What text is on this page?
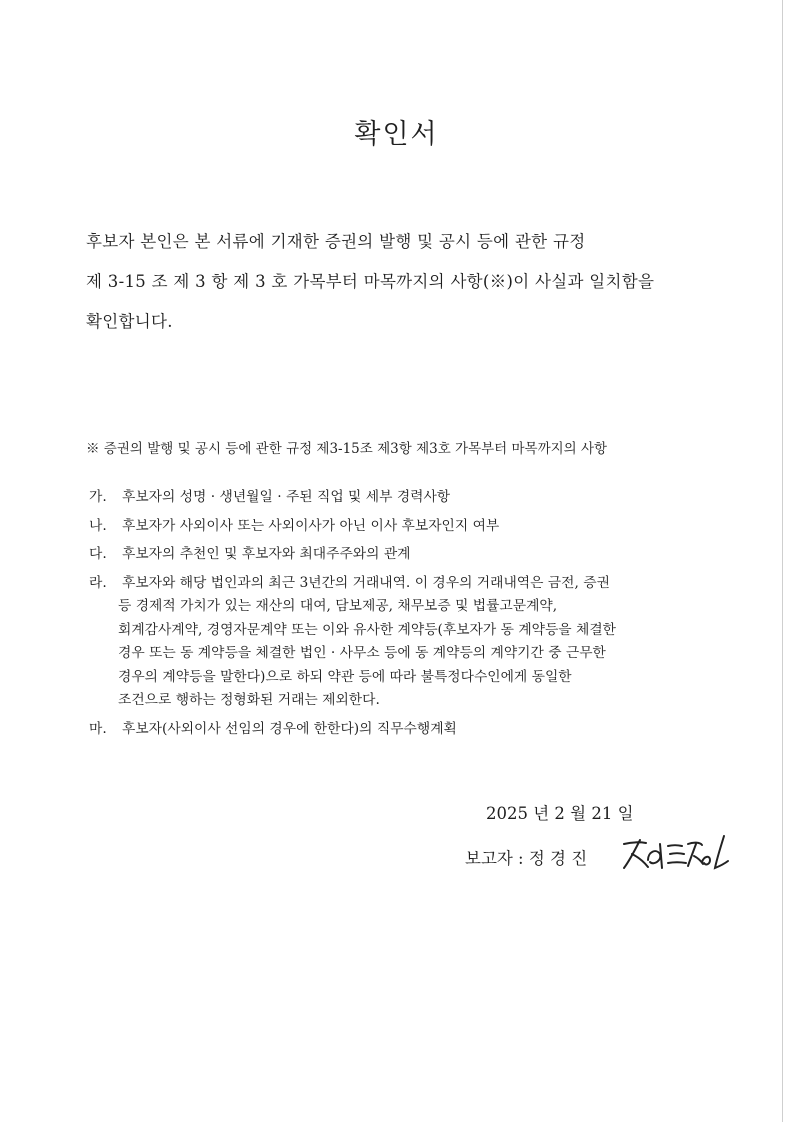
확인서

후보자 본인은 본 서류에 기재한 증권의 발행 및 공시 등에 관한 규정
제 3-15 조 제 3 항 제 3 호 가목부터 마목까지의 사항(※)이 사실과 일치함을
확인합니다.

※ 증권의 발행 및 공시 등에 관한 규정 제3-15조 제3항 제3호 가목부터 마목까지의 사항

가. 후보자의 성명 · 생년월일 · 주된 직업 및 세부 경력사항
나. 후보자가 사외이사 또는 사외이사가 아닌 이사 후보자인지 여부
다. 후보자의 추천인 및 후보자와 최대주주와의 관계
라. 후보자와 해당 법인과의 최근 3년간의 거래내역. 이 경우의 거래내역은 금전, 증권
등 경제적 가치가 있는 재산의 대여, 담보제공, 채무보증 및 법률고문계약,
회계감사계약, 경영자문계약 또는 이와 유사한 계약등(후보자가 동 계약등을 체결한
경우 또는 동 계약등을 체결한 법인 · 사무소 등에 동 계약등의 계약기간 중 근무한
경우의 계약등을 말한다)으로 하되 약관 등에 따라 불특정다수인에게 동일한
조건으로 행하는 정형화된 거래는 제외한다.
마. 후보자(사외이사 선임의 경우에 한한다)의 직무수행계획
2025 년 2 월 21 일
보고자 : 정 경 진
